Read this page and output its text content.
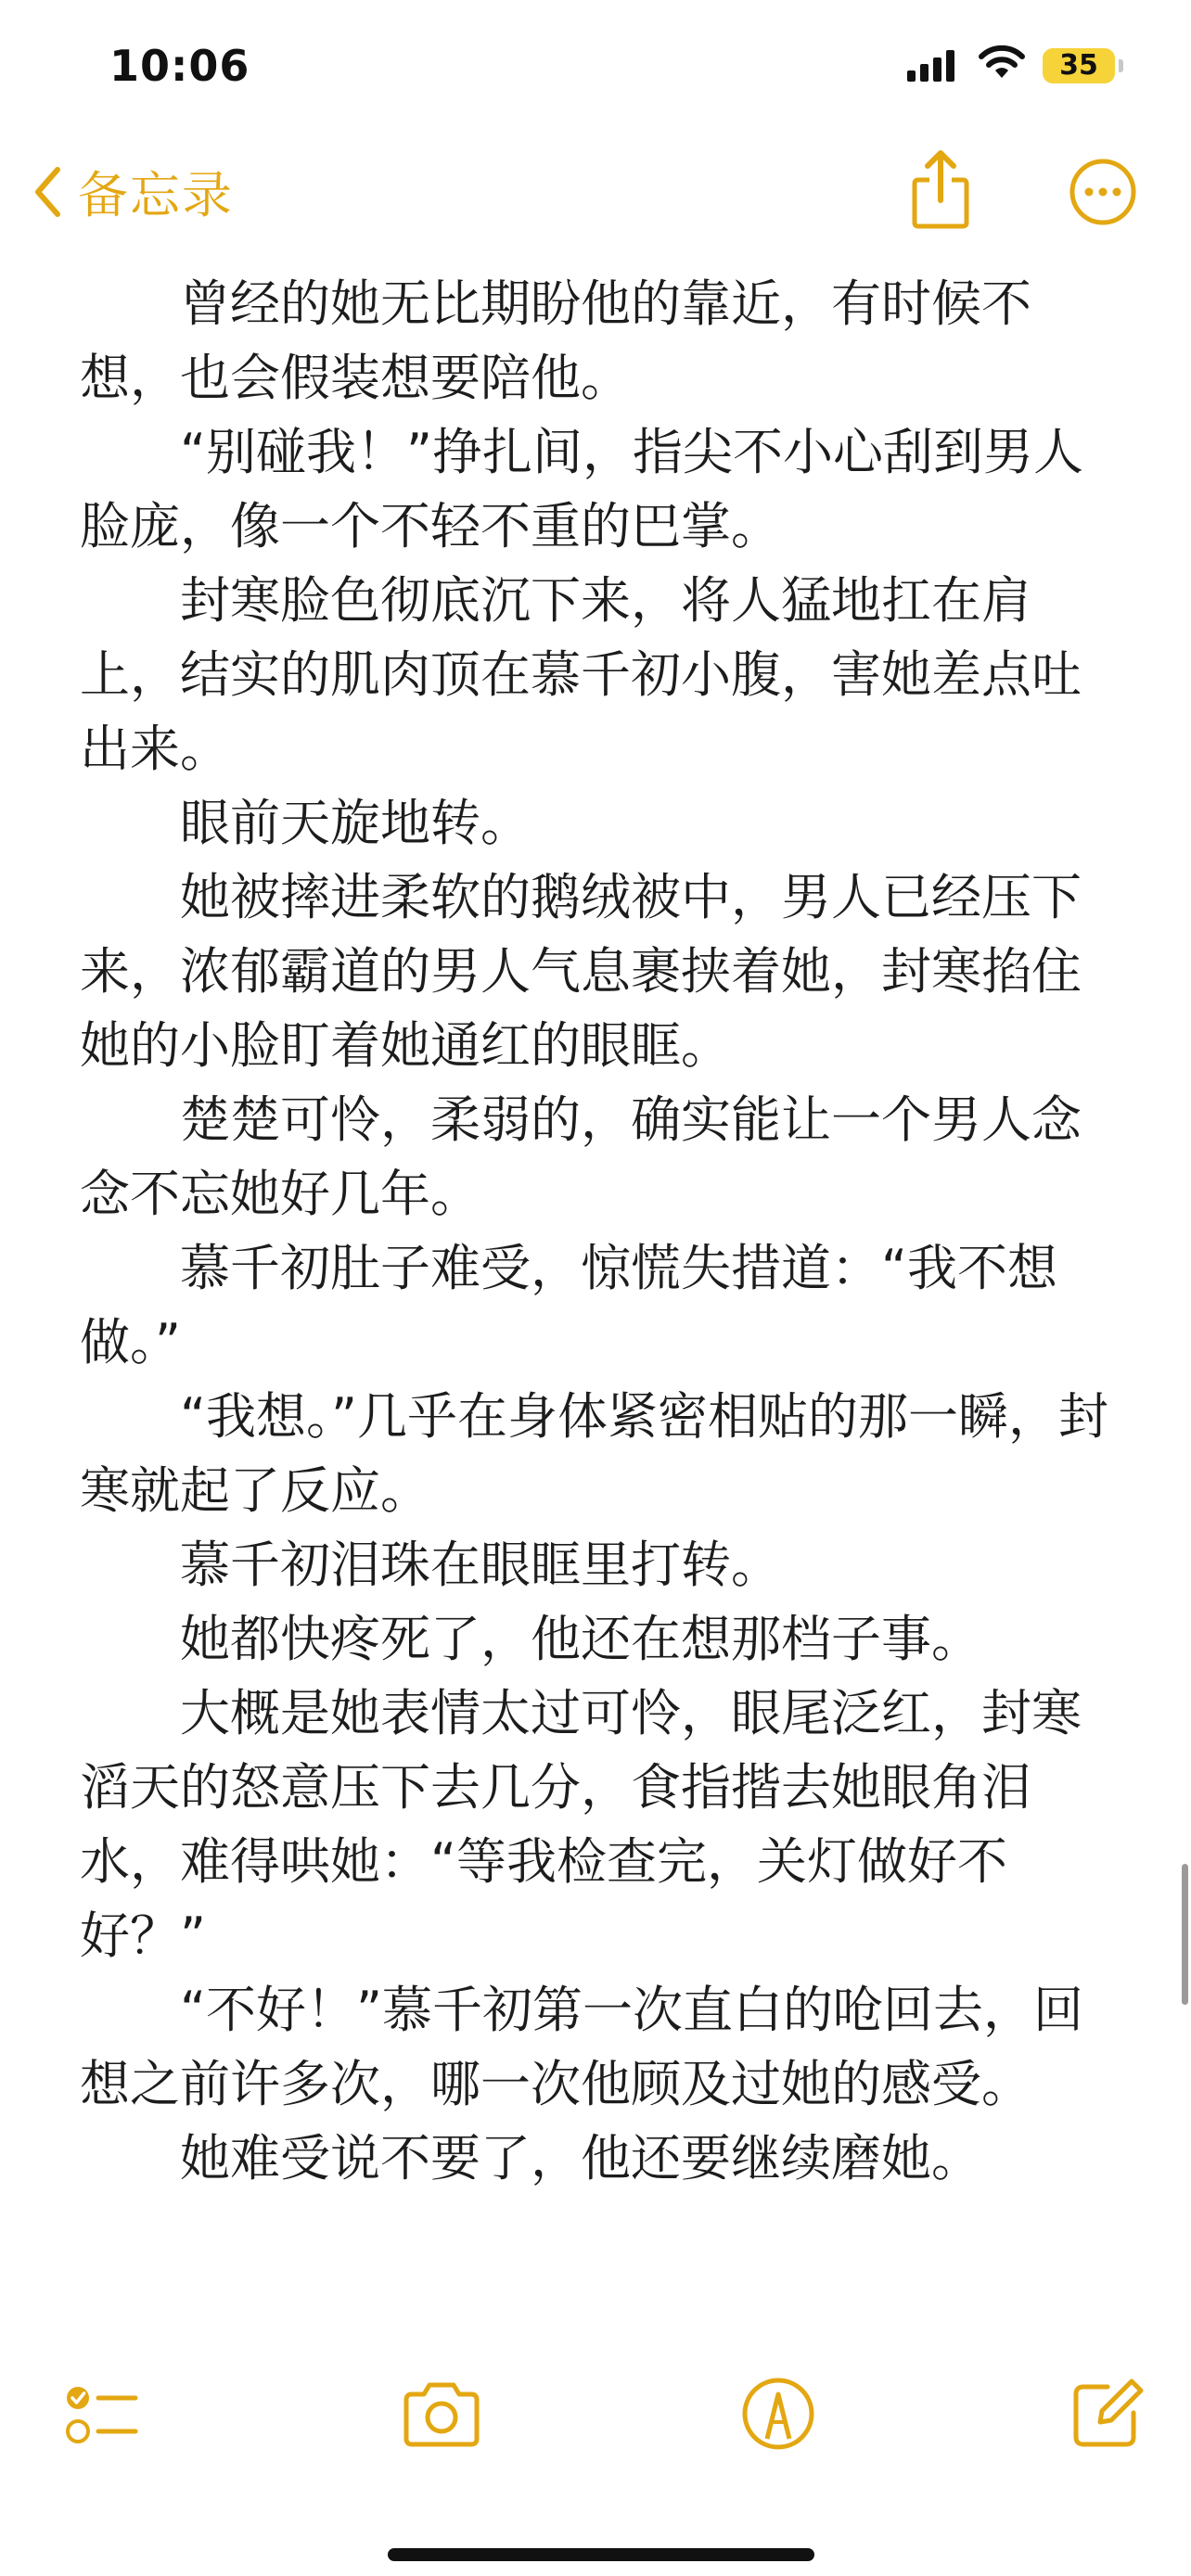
10:06	35
备忘录

曾经的她无比期盼他的靠近，有时候不想，也会假装想要陪他。

“别碰我！”挣扎间，指尖不小心刮到男人脸庞，像一个不轻不重的巴掌。

封寒脸色彻底沉下来，将人猛地扛在肩上，结实的肌肉顶在慕千初小腹，害她差点吐出来。

眼前天旋地转。

她被摔进柔软的鹅绒被中，男人已经压下来，浓郁霸道的男人气息裹挟着她，封寒掐住她的小脸盯着她通红的眼眶。

楚楚可怜，柔弱的，确实能让一个男人念念不忘她好几年。

慕千初肚子难受，惊慌失措道：“我不想做。”

“我想。”几乎在身体紧密相贴的那一瞬，封寒就起了反应。

慕千初泪珠在眼眶里打转。

她都快疼死了，他还在想那档子事。

大概是她表情太过可怜，眼尾泛红，封寒滔天的怒意压下去几分，食指揩去她眼角泪水，难得哄她：“等我检查完，关灯做好不好？”

“不好！”慕千初第一次直白的呛回去，回想之前许多次，哪一次他顾及过她的感受。

她难受说不要了，他还要继续磨她。
